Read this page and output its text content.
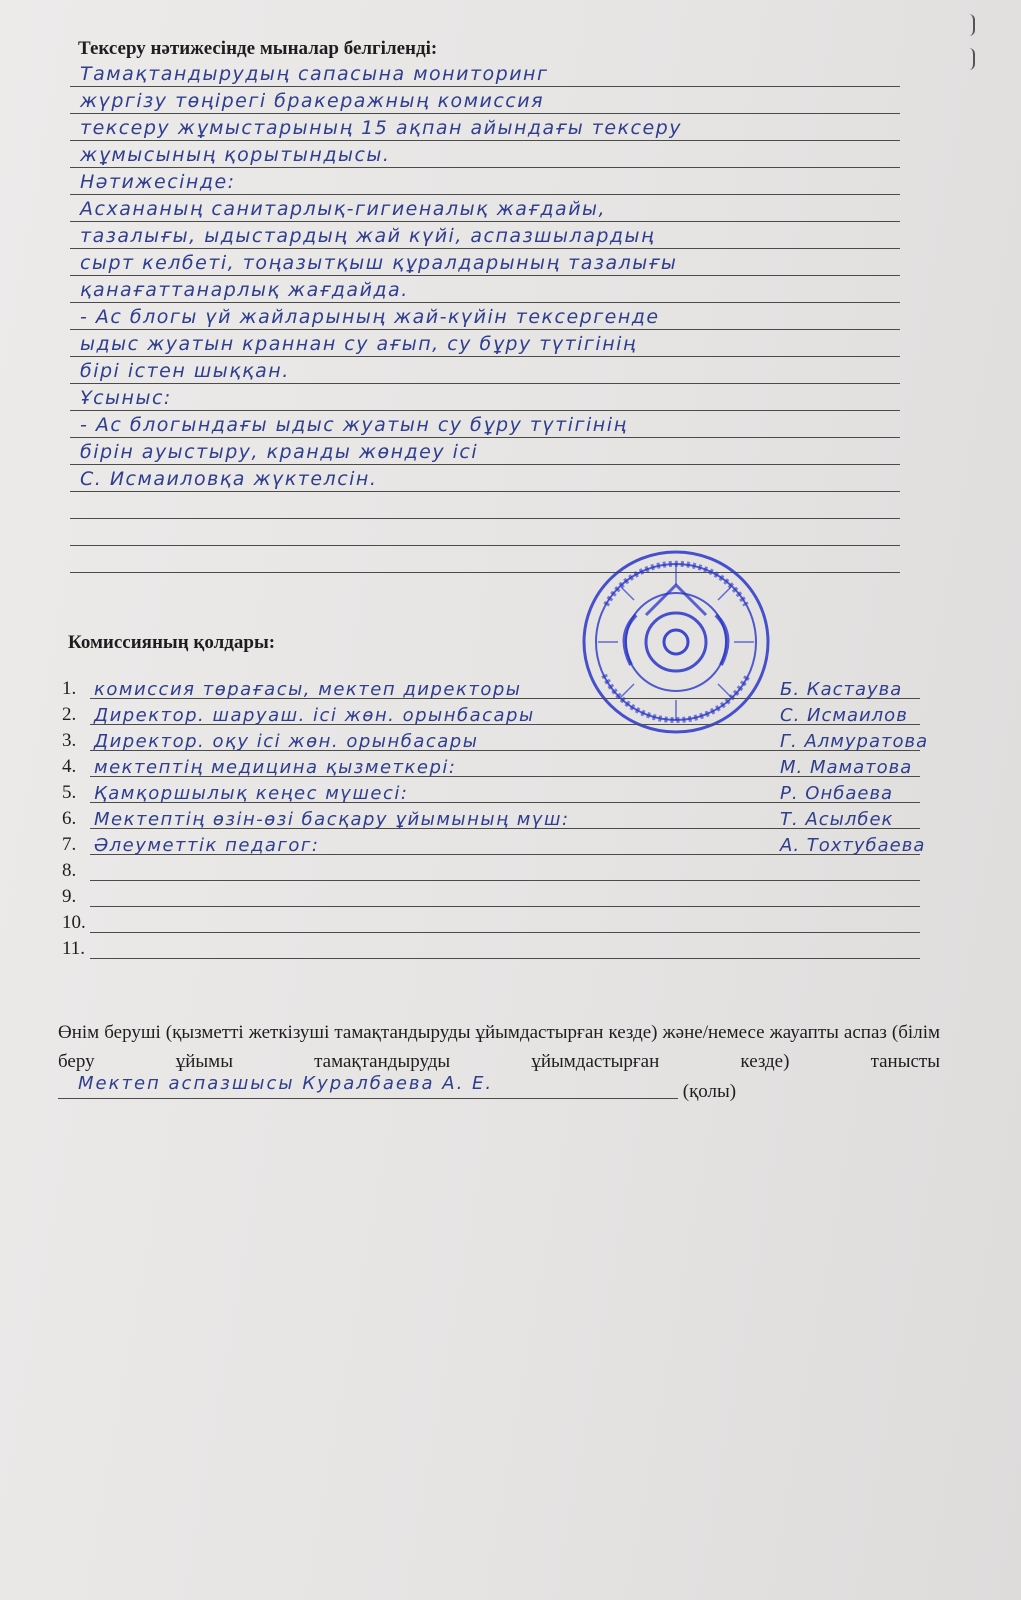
Тексеру нәтижесінде мыналар белгіленді:
Тамақтандырудың сапасына мониторинг
жүргізу төңірегі бракеражның комиссия
тексеру жұмыстарының 15 ақпан айындағы тексеру
жұмысының қорытындысы.
Нәтижесінде:
Асхананың санитарлық-гигиеналық жағдайы,
тазалығы, ыдыстардың жай күйі, аспазшылардың
сырт келбеті, тоңазытқыш құралдарының тазалығы
қанағаттанарлық жағдайда.
- Ас блогы үй жайларының жай-күйін тексергенде
ыдыс жуатын краннан су ағып, су бұру түтігінің
бірі істен шыққан.
Ұсыныс:
- Ас блогындағы ыдыс жуатын су бұру түтігінің
бірін ауыстыру, кранды жөндеу ісі
С. Исмаиловқа жүктелсін.
Комиссияның қолдары:
1. комиссия төрағасы, мектеп директоры	Б. Кастаува
2. Директор. шаруаш. ісі жөн. орынбасары	С. Исмаилов
3. Директор. оқу ісі жөн. орынбасары	Г. Алмуратова
4. мектептің медицина қызметкері:	М. Маматова
5. Қамқоршылық кеңес мүшесі:	Р. Онбаева
6. Мектептің өзін-өзі басқару ұйымының мүш:	Т. Асылбек
7. Әлеуметтік педагог:	А. Тохтубаева
8.
9.
10.
11.
Өнім беруші (қызметті жеткізуші тамақтандыруды ұйымдастырған кезде) және/немесе жауапты аспаз (білім беру ұйымы тамақтандыруды ұйымдастырған кезде) танысты
Мектеп аспазшысы Куралбаева А. Е.	(қолы)
